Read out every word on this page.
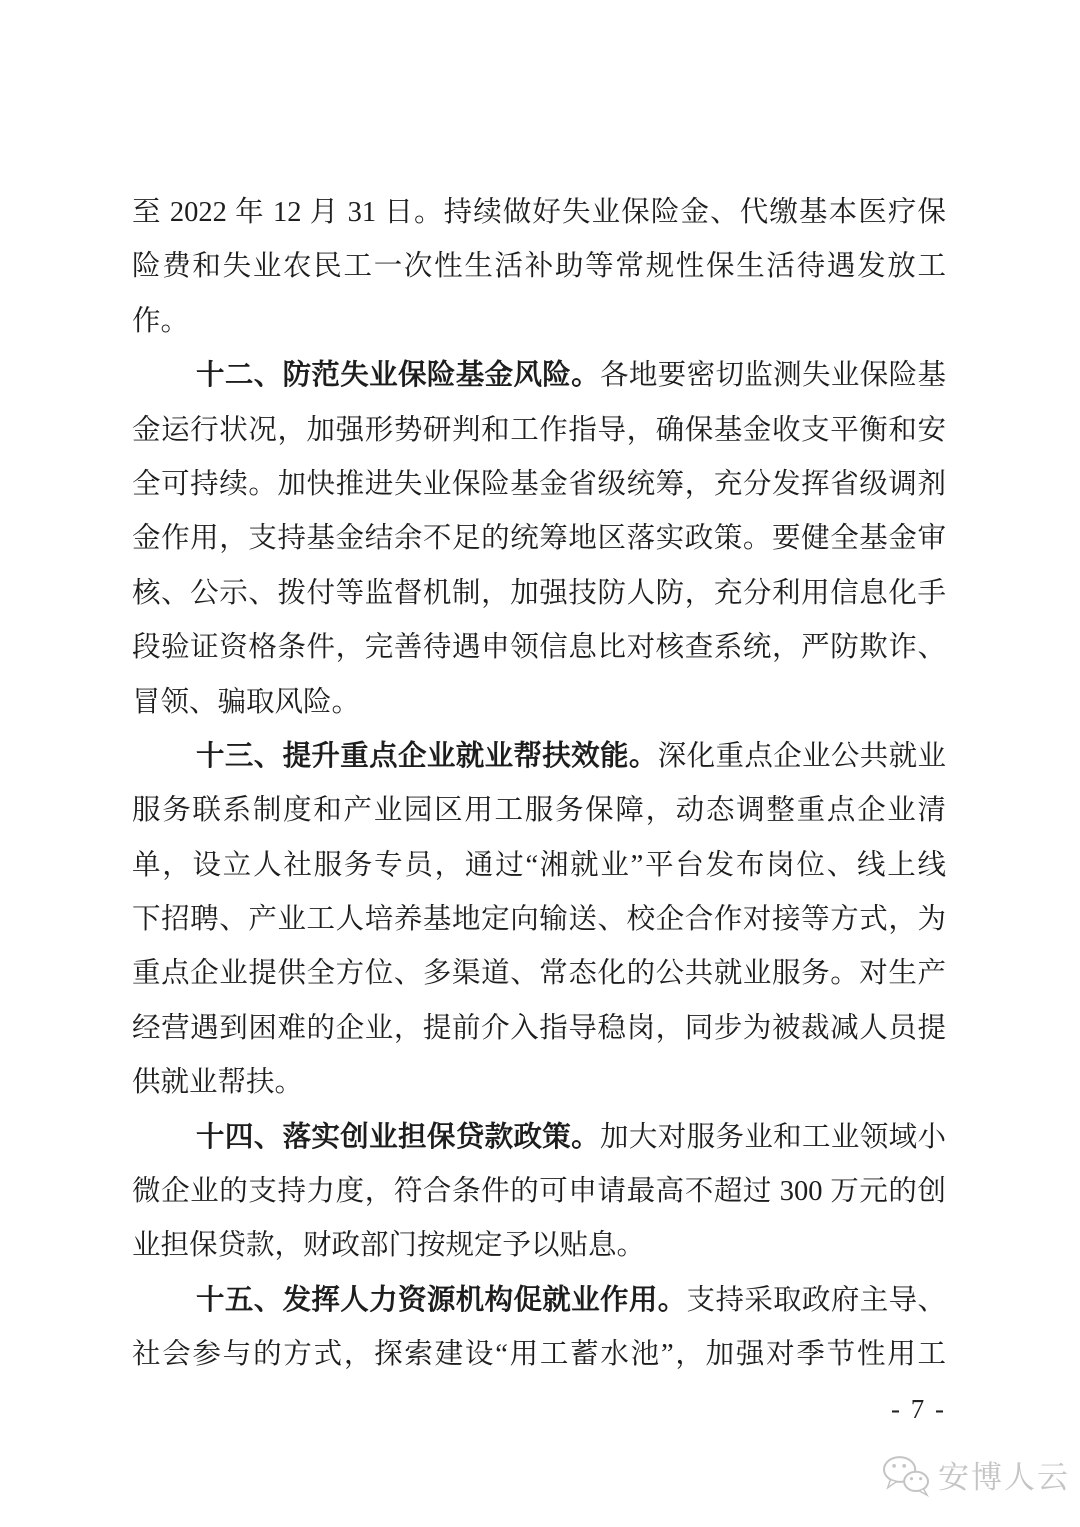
至 2022 年 12 月 31 日。持续做好失业保险金、代缴基本医疗保
险费和失业农民工一次性生活补助等常规性保生活待遇发放工
作。
十二、防范失业保险基金风险。各地要密切监测失业保险基
金运行状况，加强形势研判和工作指导，确保基金收支平衡和安
全可持续。加快推进失业保险基金省级统筹，充分发挥省级调剂
金作用，支持基金结余不足的统筹地区落实政策。要健全基金审
核、公示、拨付等监督机制，加强技防人防，充分利用信息化手
段验证资格条件，完善待遇申领信息比对核查系统，严防欺诈、
冒领、骗取风险。
十三、提升重点企业就业帮扶效能。深化重点企业公共就业
服务联系制度和产业园区用工服务保障，动态调整重点企业清
单，设立人社服务专员，通过“湘就业”平台发布岗位、线上线
下招聘、产业工人培养基地定向输送、校企合作对接等方式，为
重点企业提供全方位、多渠道、常态化的公共就业服务。对生产
经营遇到困难的企业，提前介入指导稳岗，同步为被裁减人员提
供就业帮扶。
十四、落实创业担保贷款政策。加大对服务业和工业领域小
微企业的支持力度，符合条件的可申请最高不超过 300 万元的创
业担保贷款，财政部门按规定予以贴息。
十五、发挥人力资源机构促就业作用。支持采取政府主导、
社会参与的方式，探索建设“用工蓄水池”，加强对季节性用工
- 7 -
安博人云
